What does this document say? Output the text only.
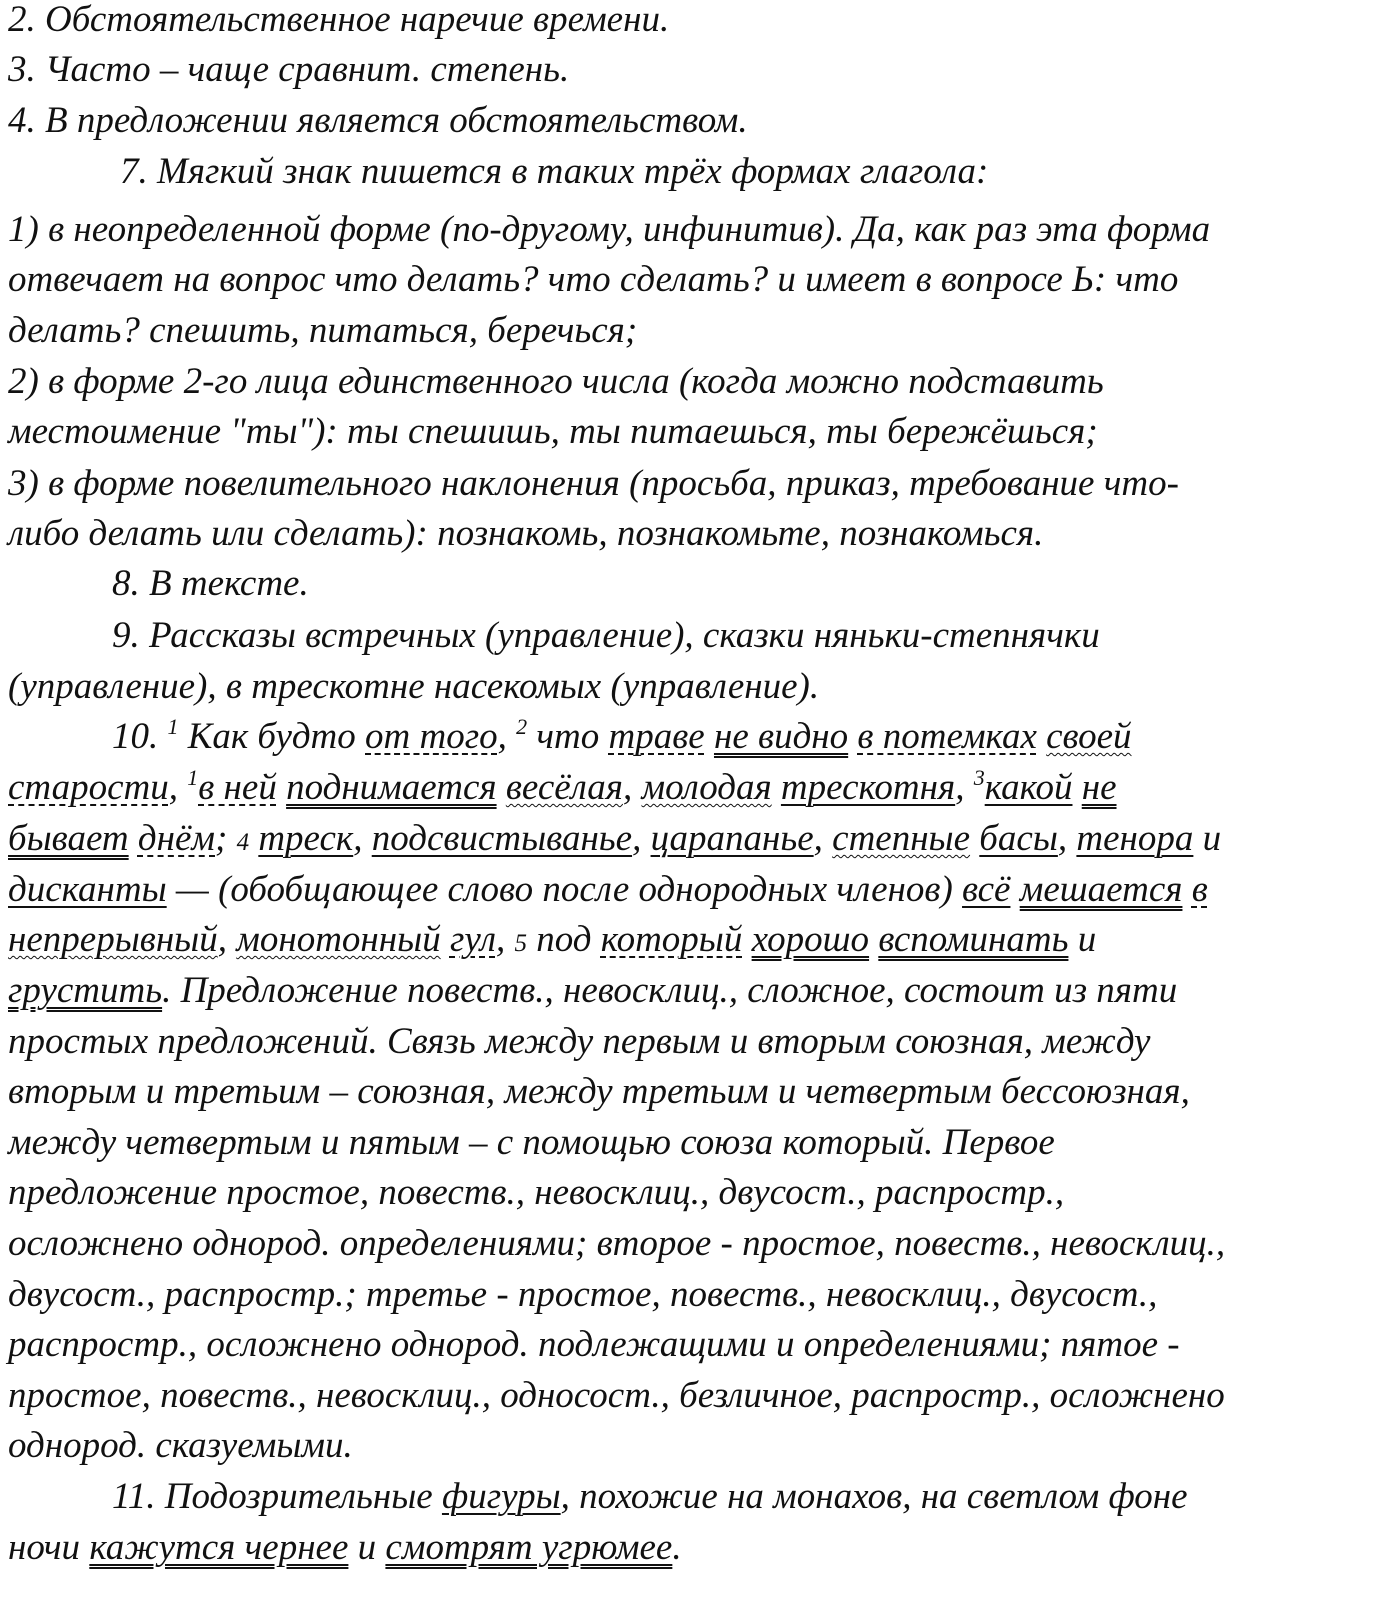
2. Обстоятельственное наречие времени.
3. Часто – чаще сравнит. степень.
4. В предложении является обстоятельством.
7. Мягкий знак пишется в таких трёх формах глагола:
1) в неопределенной форме (по-другому, инфинитив). Да, как раз эта форма
отвечает на вопрос что делать? что сделать? и имеет в вопросе Ь: что
делать? спешить, питаться, беречься;
2) в форме 2-го лица единственного числа (когда можно подставить
местоимение "ты"): ты спешишь, ты питаешься, ты бережёшься;
3) в форме повелительного наклонения (просьба, приказ, требование что-
либо делать или сделать): познакомь, познакомьте, познакомься.
8. В тексте.
9. Рассказы встречных (управление), сказки няньки-степнячки
(управление), в трескотне насекомых (управление).
10. $^1$ Как будто от того, $^2$ что траве не видно в потемках своей
старости, $^1$в ней поднимается весёлая, молодая трескотня, $^3$какой не
бывает днём; 4 треск, подсвистыванье, царапанье, степные басы, тенора и
дисканты — (обобщающее слово после однородных членов) всё мешается в
непрерывный, монотонный гул, 5 под который хорошо вспоминать и
грустить. Предложение повеств., невосклиц., сложное, состоит из пяти
простых предложений. Связь между первым и вторым союзная, между
вторым и третьим – союзная, между третьим и четвертым бессоюзная,
между четвертым и пятым – с помощью союза который. Первое
предложение простое, повеств., невосклиц., двусост., распростр.,
осложнено однород. определениями; второе - простое, повеств., невосклиц.,
двусост., распростр.; третье - простое, повеств., невосклиц., двусост.,
распростр., осложнено однород. подлежащими и определениями; пятое -
простое, повеств., невосклиц., односост., безличное, распростр., осложнено
однород. сказуемыми.
11. Подозрительные фигуры, похожие на монахов, на светлом фоне
ночи кажутся чернее и смотрят угрюмее.
